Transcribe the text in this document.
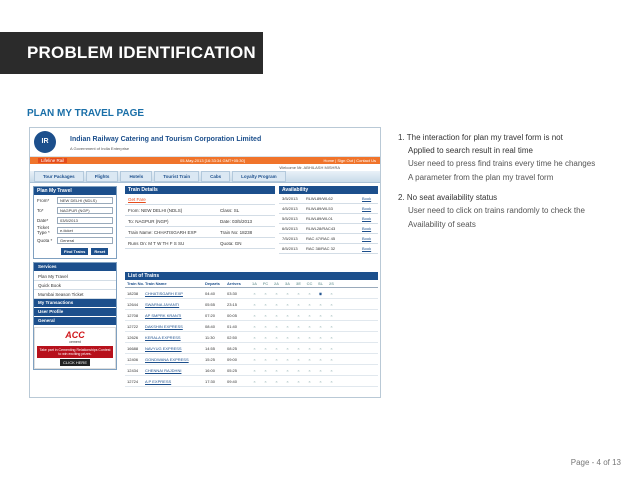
PROBLEM IDENTIFICATION
PLAN MY TRAVEL PAGE
IR	Indian Railway Catering and Tourism Corporation Limited
A Government of India Enterprise
Lifeline Rail	05-May-2013 [16:33:34 GMT+05:30]	Home | Sign Out | Contact Us
Welcome Mr. ABHILASH MISHRA
Tour Packages	Flights	Hotels	Tourist Train	Cabs	Loyalty Program
Plan My Travel
From*	NEW DELHI (NDLS)
To*	NAGPUR (NGP)
Date*	03/5/2013
Ticket Type *	e-ticket
Quota *	General
Find Trains	Reset
Services
Plan My Travel
Quick Book
Mumbai Season Ticket
My Transactions
User Profile
General
ACC
cement
Take part in Cementing Relationships Contest to win exciting prizes.
CLICK HERE
Train Details
Get Fare
From: NEW DELHI (NDLS)	Class: SL
To: NAGPUR (NGP)	Date: 03/5/2013
Train Name: CHHATISGARH EXP	Train No: 18238
Runs On: M T W TH F S SU	Quota: GN
Availability
3/5/2013	RLWL89/WL62	Book
4/5/2013	RLWL89/WL53	Book
5/5/2013	RLWL89/WL01	Book
6/5/2013	RLWL28/RAC43	Book
7/5/2013	RAC 47/RAC 45	Book
8/5/2013	RAC 38/RAC 32	Book
List of Trains
Train No. Train Name	Departs	Arrives	1A	FC	2A	3A	3E	CC	SL	2S
18238	CHHATISGARH EXP	04:40	03:30	×	×	×	×	×	×	◉	×
12644	SWARNA JAYANTI	05:55	23:15	×	×	×	×	×	×	×	×
12708	AP SMPRK KRANTI	07:20	00:05	×	×	×	×	×	×	×	×
12722	DAKSHIN EXPRESS	08:40	01:40	×	×	×	×	×	×	×	×
12626	KERALA EXPRESS	11:30	02:50	×	×	×	×	×	×	×	×
16688	NAVYUG EXPRESS	14:55	08:25	×	×	×	×	×	×	×	×
12406	GONDWANA EXPRESS	15:25	09:00	×	×	×	×	×	×	×	×
12434	CHENNAI RAJDHNI	16:00	05:25	×	×	×	×	×	×	×	×
12724	A P EXPRESS	17:30	09:40	×	×	×	×	×	×	×	×
1. The interaction for plan my travel form is not
Applied to search result in real time
User need to press find trains every time he changes
A parameter from the plan my travel form
2. No seat availability status
User need to click on trains randomly to check the
Availability of seats
Page - 4 of 13
